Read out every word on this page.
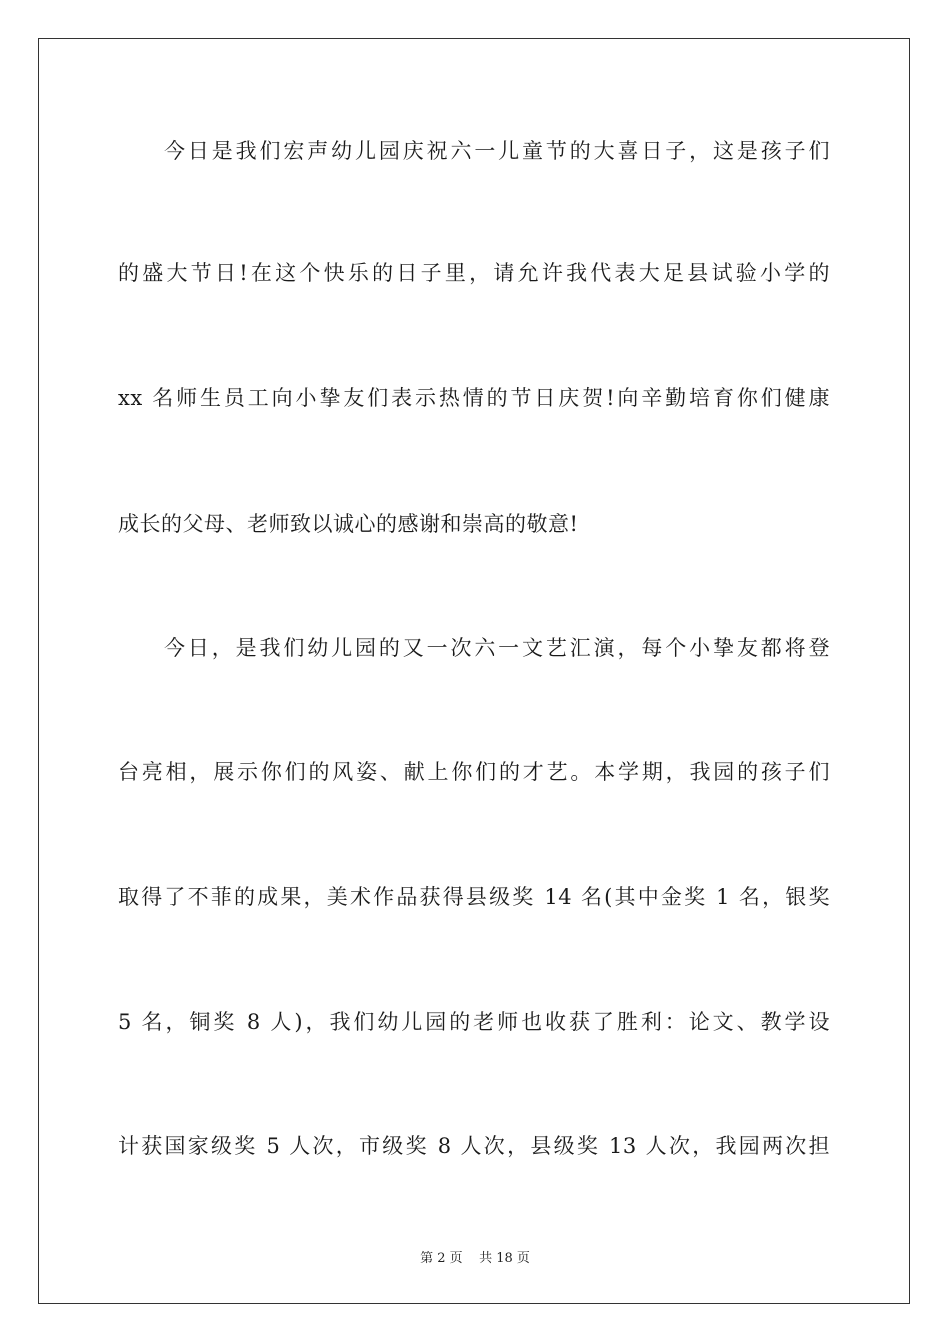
今日是我们宏声幼儿园庆祝六一儿童节的大喜日子，这是孩子们
的盛大节日!在这个快乐的日子里，请允许我代表大足县试验小学的
xx 名师生员工向小挚友们表示热情的节日庆贺!向辛勤培育你们健康
成长的父母、老师致以诚心的感谢和崇高的敬意!
今日，是我们幼儿园的又一次六一文艺汇演，每个小挚友都将登
台亮相，展示你们的风姿、献上你们的才艺。本学期，我园的孩子们
取得了不菲的成果，美术作品获得县级奖 14 名(其中金奖 1 名，银奖
5 名，铜奖 8 人)，我们幼儿园的老师也收获了胜利：论文、教学设
计获国家级奖 5 人次，市级奖 8 人次，县级奖 13 人次，我园两次担
第 2 页    共 18 页
